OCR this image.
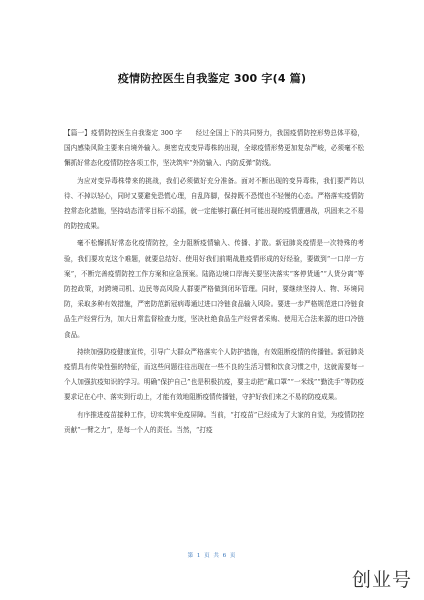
疫情防控医生自我鉴定 300 字(4 篇)

【篇一】疫情防控医生自我鉴定 300 字　　经过全国上下的共同努力，我国疫情防控形势总体平稳，国内感染风险主要来自境外输入。奥密克戎变异毒株的出现，全球疫情形势更加复杂严峻，必须毫不松懈抓好常态化疫情防控各项工作，坚决筑牢“外防输入、内防反弹”防线。

为应对变异毒株带来的挑战，我们必须做好充分准备。面对不断出现的变异毒株，我们要严阵以待、不掉以轻心，同时又要避免恐慌心理，自乱阵脚，保持既不恐慌也不轻慢的心态。严格落实疫情防控常态化措施，坚持动态清零目标不动摇，就一定能够打赢任何可能出现的疫情遭遇战，巩固来之不易的防控成果。

毫不松懈抓好常态化疫情防控，全力阻断疫情输入、传播、扩散。新冠肺炎疫情是一次特殊的考验，我们要攻克这个难题，就要总结好、使用好我们前期战胜疫情形成的好经验，要做到“一口岸一方案”，不断完善疫情防控工作方案和应急预案。陆路边境口岸海关要坚决落实“客停货通”“人货分离”等防控政策，对跨境司机、边民等高风险人群要严格做到闭环管理。同时，要继续坚持人、物、环境同防，采取多种有效措施，严密防范新冠病毒通过进口冷链食品输入风险。要进一步严格规范进口冷链食品生产经营行为，加大日常监督检查力度，坚决杜绝食品生产经营者采购、使用无合法来源的进口冷链食品。

持续加强防疫健康宣传，引导广大群众严格落实个人防护措施，有效阻断疫情的传播链。新冠肺炎疫情具有传染性强的特征，而这些问题往往出现在一些不良的生活习惯和饮食习惯之中，这就需要每一个人加强抗疫知识的学习。明确“保护自己”也是积极抗疫，要主动把“戴口罩”“一米线”“勤洗手”等防疫要求记在心中、落实到行动上，才能有效地阻断疫情传播链，守护好我们来之不易的防疫成果。

有序推进疫苗接种工作，切实筑牢免疫屏障。当前，“打疫苗”已经成为了大家的自觉，为疫情防控贡献“一臂之力”，是每一个人的责任。当然，“打疫

第 1 页 共 6 页
创业号
